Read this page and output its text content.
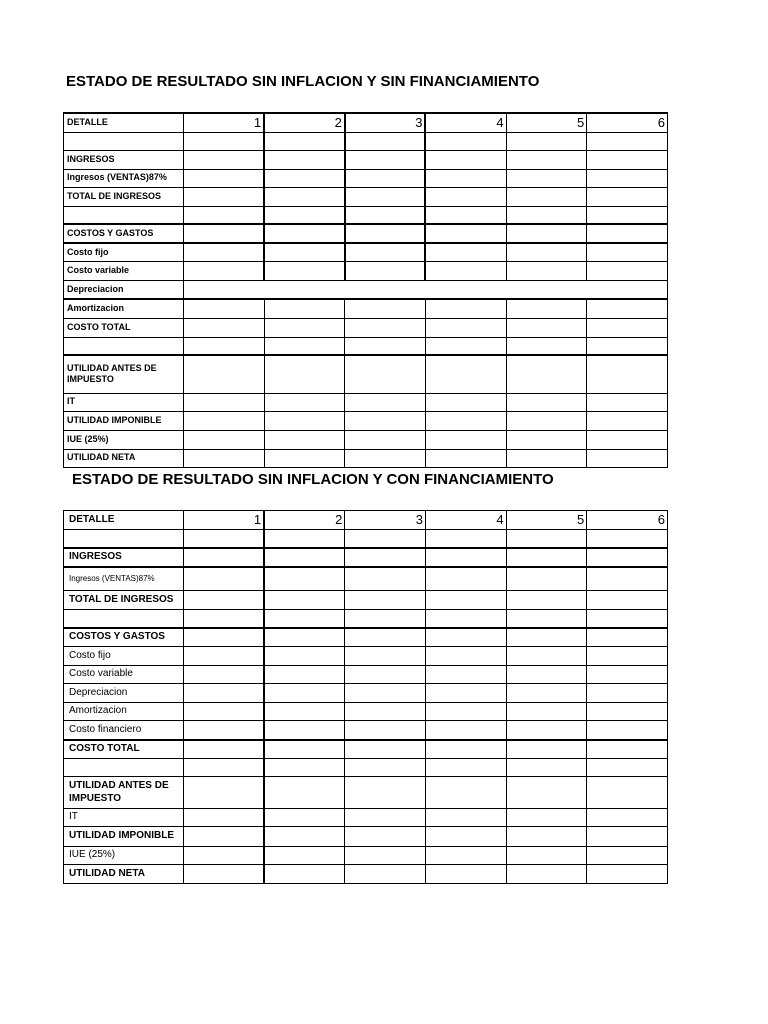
ESTADO DE RESULTADO SIN INFLACION Y SIN FINANCIAMIENTO
DETALLE	1	2	3	4	5	6

INGRESOS						
Ingresos (VENTAS)87%						
TOTAL DE INGRESOS						

COSTOS Y GASTOS						
Costo fijo						
Costo variable						
Depreciacion						
Amortizacion						
COSTO TOTAL						

UTILIDAD ANTES DE IMPUESTO						
IT						
UTILIDAD IMPONIBLE						
IUE (25%)						
UTILIDAD NETA						
ESTADO DE RESULTADO SIN INFLACION Y CON FINANCIAMIENTO
DETALLE	1	2	3	4	5	6

INGRESOS						
Ingresos (VENTAS)87%						
TOTAL DE INGRESOS						

COSTOS Y GASTOS						
Costo fijo						
Costo variable						
Depreciacion						
Amortizacion						
Costo financiero						
COSTO TOTAL						

UTILIDAD ANTES DE IMPUESTO						
IT						
UTILIDAD IMPONIBLE						
IUE (25%)						
UTILIDAD NETA						
